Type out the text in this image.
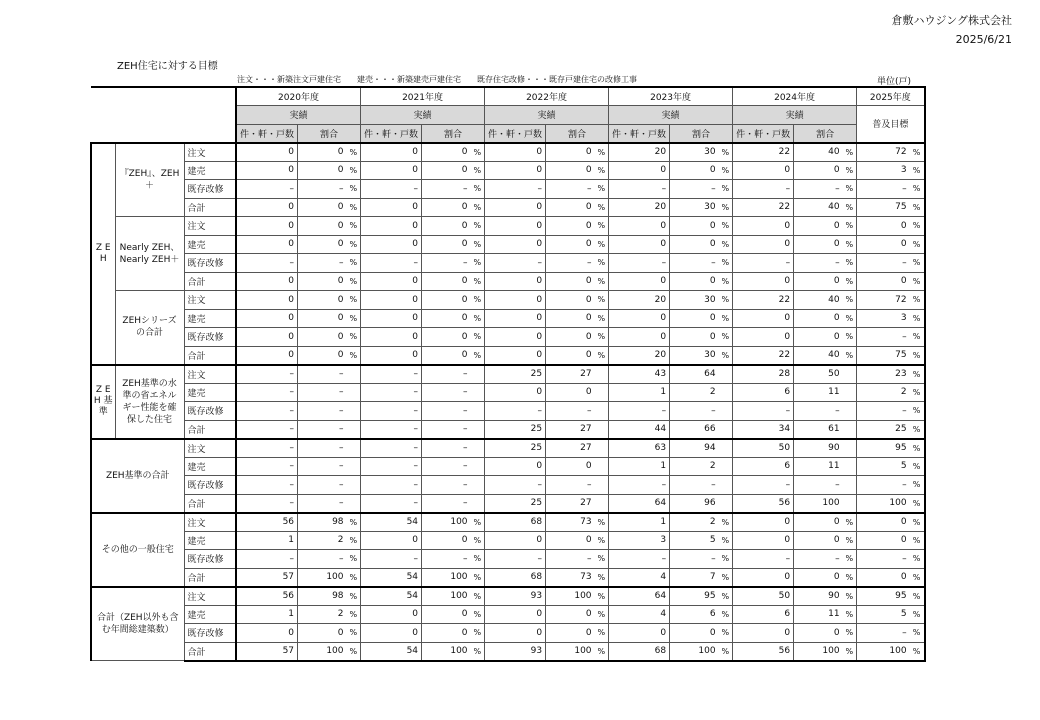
倉敷ハウジング株式会社
2025/6/21
ZEH住宅に対する目標
注文・・・新築注文戸建住宅　　建売・・・新築建売戸建住宅　　既存住宅改修・・・既存戸建住宅の改修工事	単位(戸)
			2020年度			2021年度			2022年度			2023年度			2024年度			2025年度	
			実績			実績			実績			実績			実績			普及目標	
			件・軒・戸数	割合		件・軒・戸数	割合		件・軒・戸数	割合		件・軒・戸数	割合		件・軒・戸数	割合			
Z E H	『ZEH』、ZEH＋	注文	0	0	%	0	0	%	0	0	%	20	30	%	22	40	%	72	%
		建売	0	0	%	0	0	%	0	0	%	0	0	%	0	0	%	3	%
		既存改修	–	–	%	–	–	%	–	–	%	–	–	%	–	–	%	–	%
		合計	0	0	%	0	0	%	0	0	%	20	30	%	22	40	%	75	%
	Nearly ZEH、Nearly ZEH＋	注文	0	0	%	0	0	%	0	0	%	0	0	%	0	0	%	0	%
		建売	0	0	%	0	0	%	0	0	%	0	0	%	0	0	%	0	%
		既存改修	–	–	%	–	–	%	–	–	%	–	–	%	–	–	%	–	%
		合計	0	0	%	0	0	%	0	0	%	0	0	%	0	0	%	0	%
	ZEHシリーズの合計	注文	0	0	%	0	0	%	0	0	%	20	30	%	22	40	%	72	%
		建売	0	0	%	0	0	%	0	0	%	0	0	%	0	0	%	3	%
		既存改修	0	0	%	0	0	%	0	0	%	0	0	%	0	0	%	–	%
		合計	0	0	%	0	0	%	0	0	%	20	30	%	22	40	%	75	%
Z E H 基 準	ZEH基準の水準の省エネルギー性能を確保した住宅	注文	–	–		–	–		25	27		43	64		28	50		23	%
		建売	–	–		–	–		0	0		1	2		6	11		2	%
		既存改修	–	–		–	–		–	–		–	–		–	–		–	%
		合計	–	–		–	–		25	27		44	66		34	61		25	%
ZEH基準の合計		注文	–	–		–	–		25	27		63	94		50	90		95	%
		建売	–	–		–	–		0	0		1	2		6	11		5	%
		既存改修	–	–		–	–		–	–		–	–		–	–		–	%
		合計	–	–		–	–		25	27		64	96		56	100		100	%
その他の一般住宅		注文	56	98	%	54	100	%	68	73	%	1	2	%	0	0	%	0	%
		建売	1	2	%	0	0	%	0	0	%	3	5	%	0	0	%	0	%
		既存改修	–	–	%	–	–	%	–	–	%	–	–	%	–	–	%	–	%
		合計	57	100	%	54	100	%	68	73	%	4	7	%	0	0	%	0	%
合計（ZEH以外も含む年間総建築数）		注文	56	98	%	54	100	%	93	100	%	64	95	%	50	90	%	95	%
		建売	1	2	%	0	0	%	0	0	%	4	6	%	6	11	%	5	%
		既存改修	0	0	%	0	0	%	0	0	%	0	0	%	0	0	%	–	%
		合計	57	100	%	54	100	%	93	100	%	68	100	%	56	100	%	100	%
